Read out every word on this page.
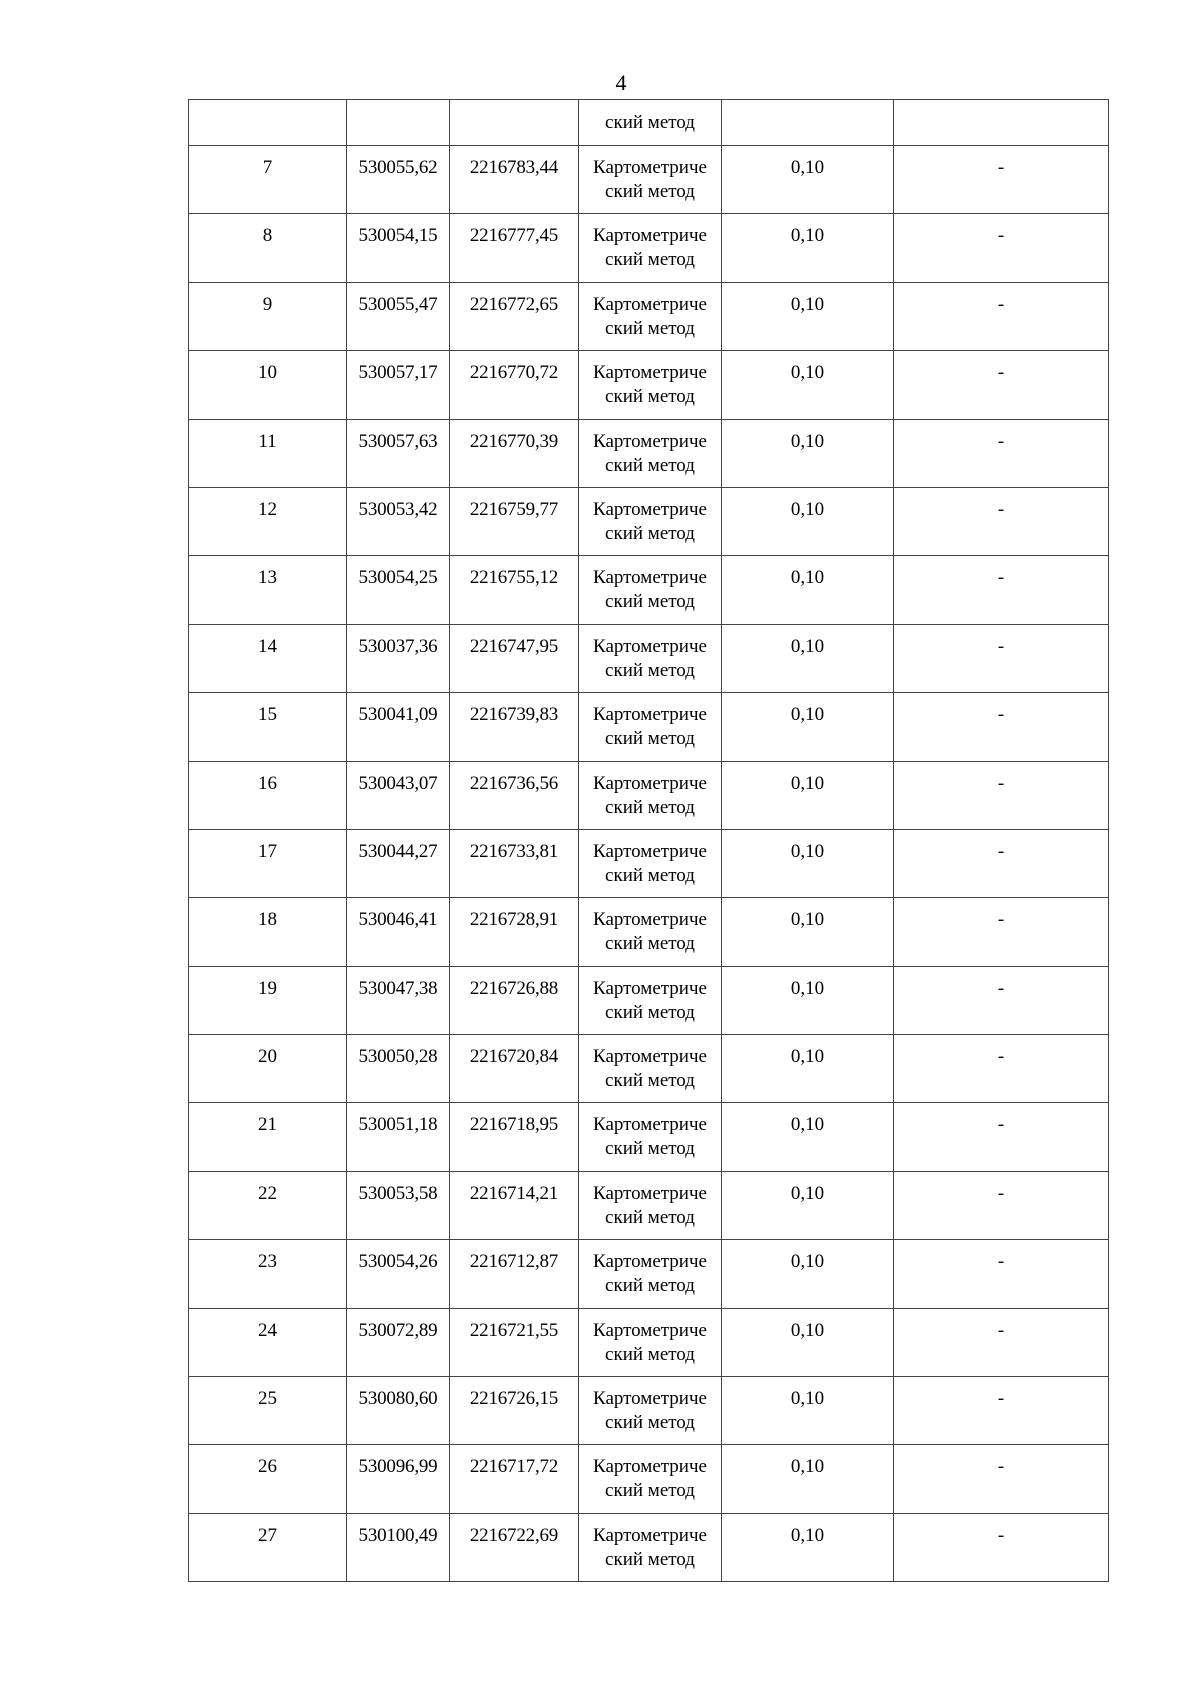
4

			ский метод		

7	530055,62	2216783,44	Картометриче
ский метод	0,10	-

8	530054,15	2216777,45	Картометриче
ский метод	0,10	-

9	530055,47	2216772,65	Картометриче
ский метод	0,10	-

10	530057,17	2216770,72	Картометриче
ский метод	0,10	-

11	530057,63	2216770,39	Картометриче
ский метод	0,10	-

12	530053,42	2216759,77	Картометриче
ский метод	0,10	-

13	530054,25	2216755,12	Картометриче
ский метод	0,10	-

14	530037,36	2216747,95	Картометриче
ский метод	0,10	-

15	530041,09	2216739,83	Картометриче
ский метод	0,10	-

16	530043,07	2216736,56	Картометриче
ский метод	0,10	-

17	530044,27	2216733,81	Картометриче
ский метод	0,10	-

18	530046,41	2216728,91	Картометриче
ский метод	0,10	-

19	530047,38	2216726,88	Картометриче
ский метод	0,10	-

20	530050,28	2216720,84	Картометриче
ский метод	0,10	-

21	530051,18	2216718,95	Картометриче
ский метод	0,10	-

22	530053,58	2216714,21	Картометриче
ский метод	0,10	-

23	530054,26	2216712,87	Картометриче
ский метод	0,10	-

24	530072,89	2216721,55	Картометриче
ский метод	0,10	-

25	530080,60	2216726,15	Картометриче
ский метод	0,10	-

26	530096,99	2216717,72	Картометриче
ский метод	0,10	-

27	530100,49	2216722,69	Картометриче
ский метод	0,10	-
